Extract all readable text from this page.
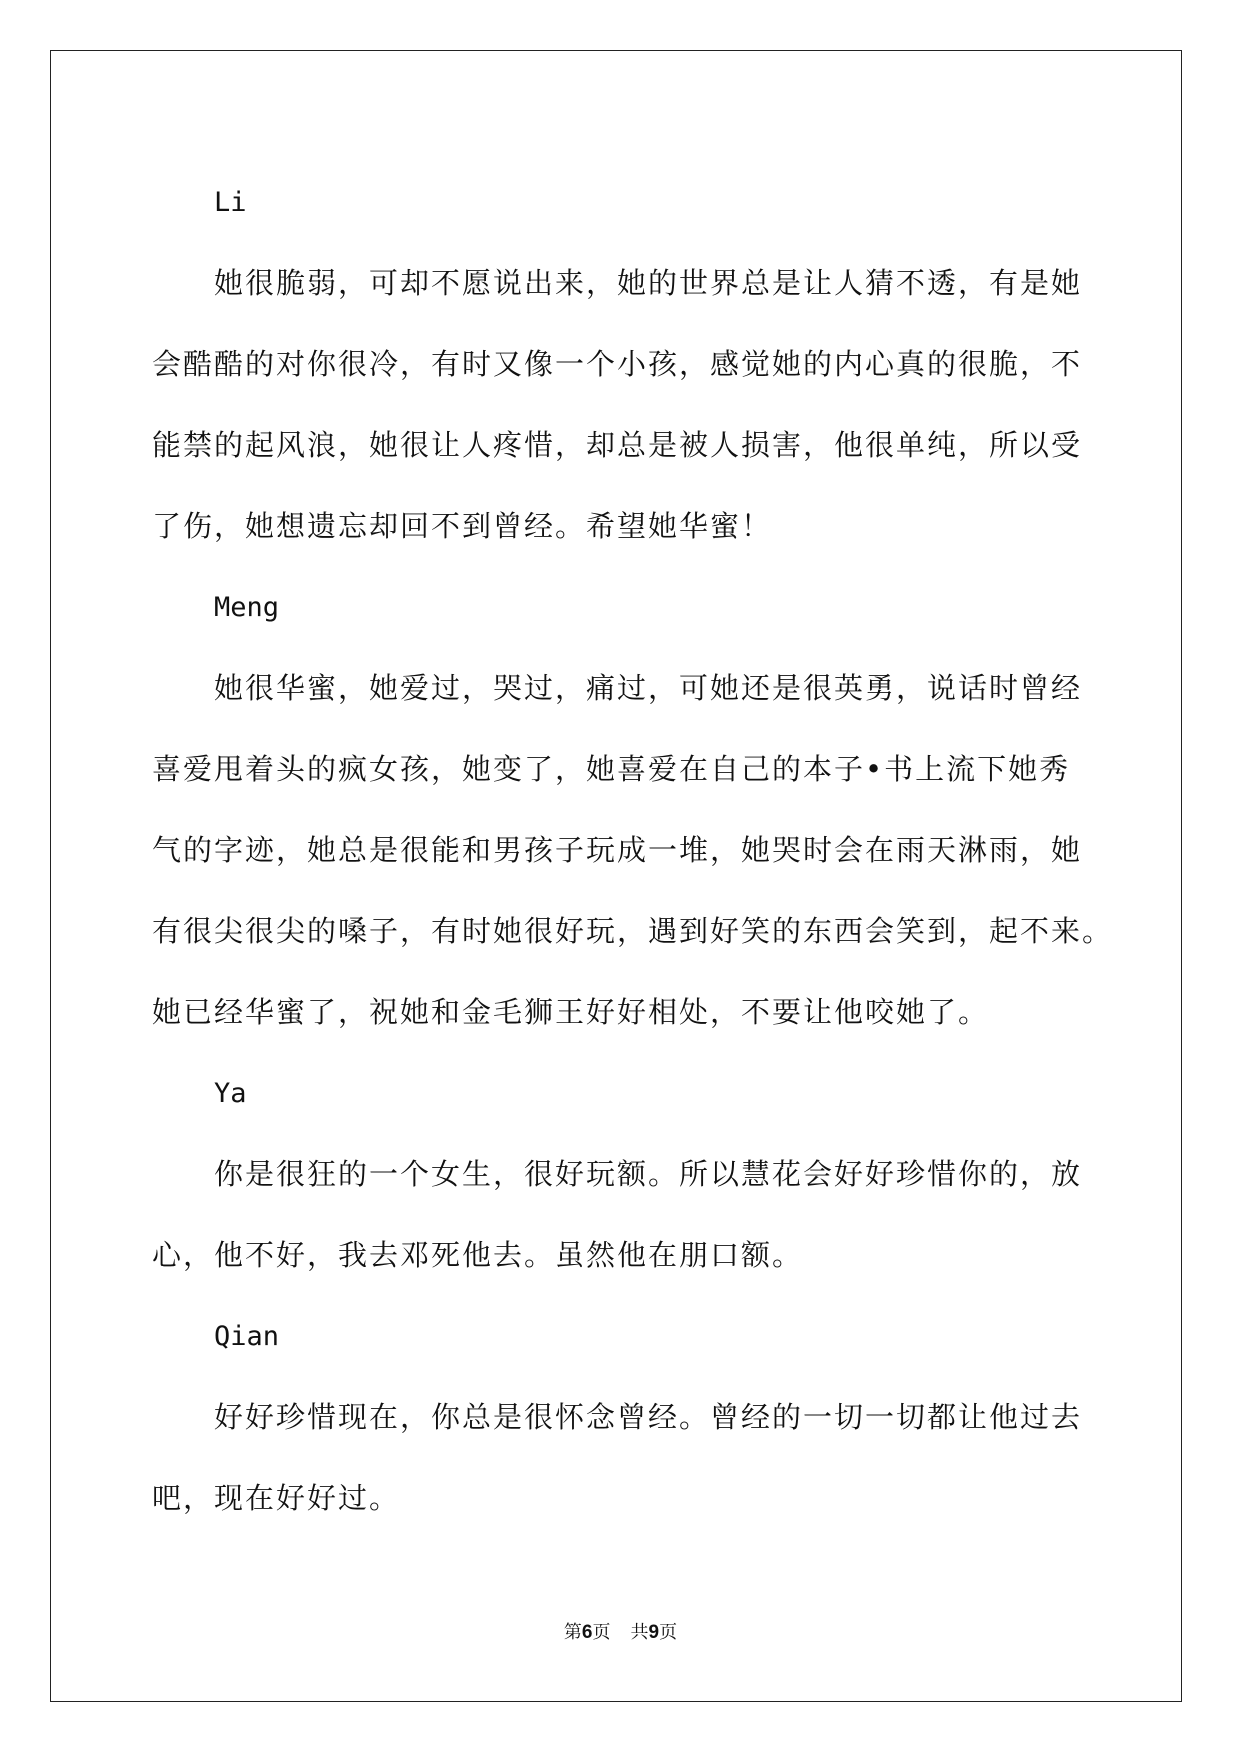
Li
她很脆弱，可却不愿说出来，她的世界总是让人猜不透，有是她
会酷酷的对你很冷，有时又像一个小孩，感觉她的内心真的很脆，不
能禁的起风浪，她很让人疼惜，却总是被人损害，他很单纯，所以受
了伤，她想遗忘却回不到曾经。希望她华蜜！
Meng
她很华蜜，她爱过，哭过，痛过，可她还是很英勇，说话时曾经
喜爱甩着头的疯女孩，她变了，她喜爱在自己的本子•书上流下她秀
气的字迹，她总是很能和男孩子玩成一堆，她哭时会在雨天淋雨，她
有很尖很尖的嗓子，有时她很好玩，遇到好笑的东西会笑到，起不来。
她已经华蜜了，祝她和金毛狮王好好相处，不要让他咬她了。
Ya
你是很狂的一个女生，很好玩额。所以慧花会好好珍惜你的，放
心，他不好，我去邓死他去。虽然他在朋口额。
Qian
好好珍惜现在，你总是很怀念曾经。曾经的一切一切都让他过去
吧，现在好好过。
第6页 共9页
